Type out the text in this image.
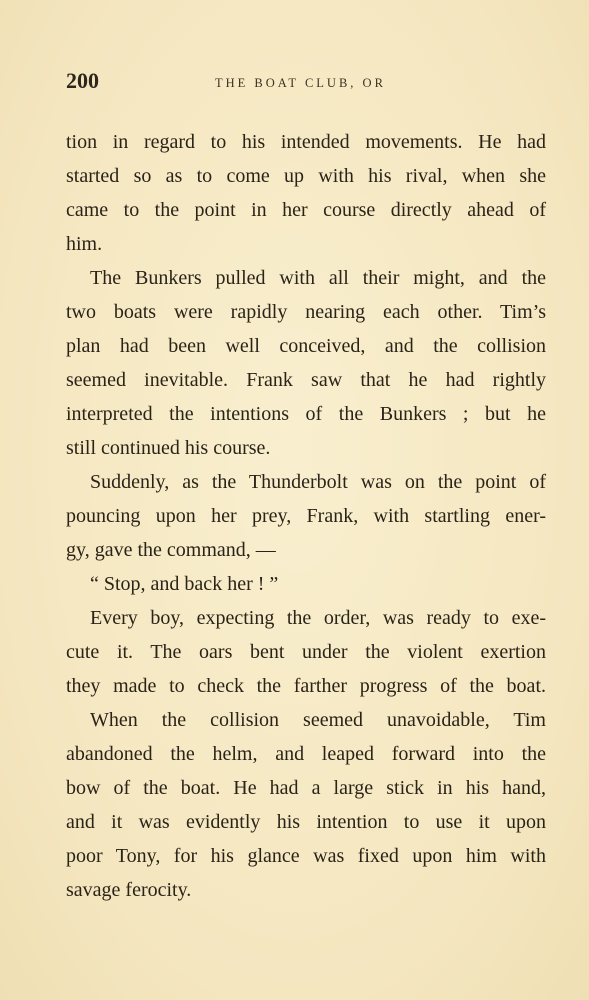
200	THE BOAT CLUB, OR
tion in regard to his intended movements. He had
started so as to come up with his rival, when she
came to the point in her course directly ahead of
him.
The Bunkers pulled with all their might, and the
two boats were rapidly nearing each other. Tim’s
plan had been well conceived, and the collision
seemed inevitable. Frank saw that he had rightly
interpreted the intentions of the Bunkers ; but he
still continued his course.
Suddenly, as the Thunderbolt was on the point of
pouncing upon her prey, Frank, with startling ener-
gy, gave the command, —
“ Stop, and back her ! ”
Every boy, expecting the order, was ready to exe-
cute it. The oars bent under the violent exertion
they made to check the farther progress of the boat.
When the collision seemed unavoidable, Tim
abandoned the helm, and leaped forward into the
bow of the boat. He had a large stick in his hand,
and it was evidently his intention to use it upon
poor Tony, for his glance was fixed upon him with
savage ferocity.
